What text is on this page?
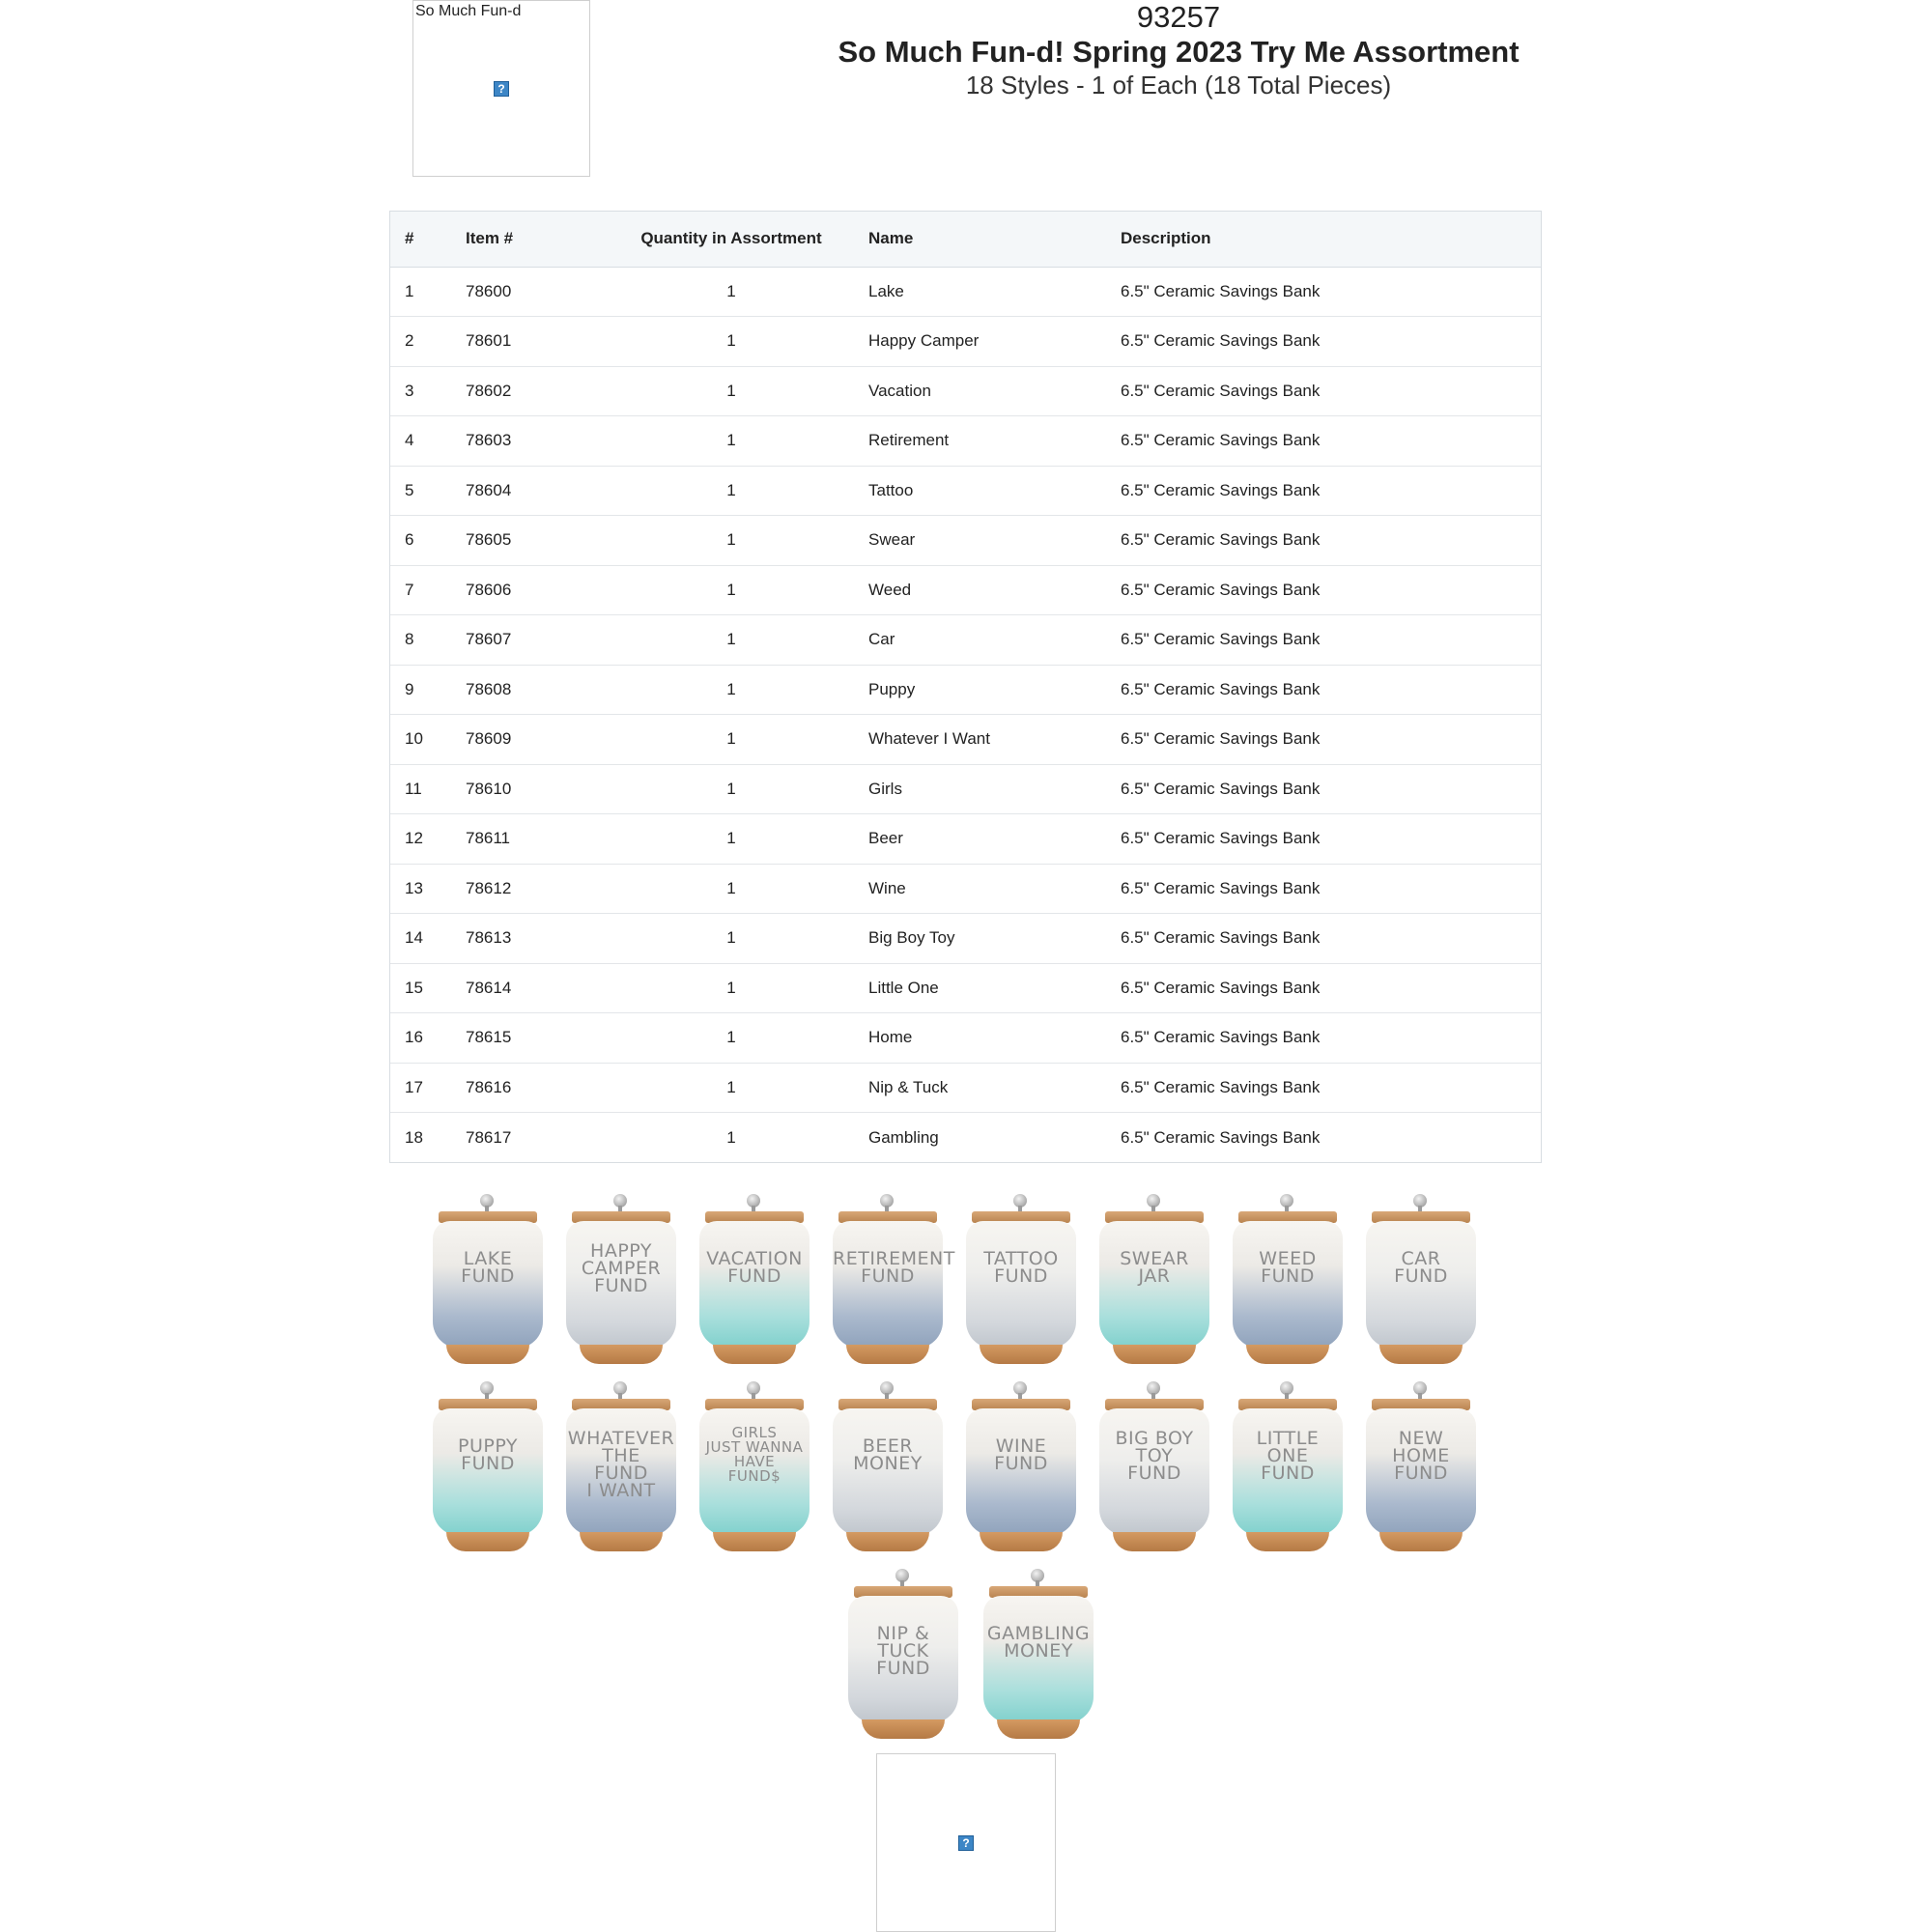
So Much Fun-d
?
93257
So Much Fun-d! Spring 2023 Try Me Assortment
18 Styles - 1 of Each (18 Total Pieces)
#	Item #	Quantity in Assortment	Name	Description
1	78600	1	Lake	6.5" Ceramic Savings Bank
2	78601	1	Happy Camper	6.5" Ceramic Savings Bank
3	78602	1	Vacation	6.5" Ceramic Savings Bank
4	78603	1	Retirement	6.5" Ceramic Savings Bank
5	78604	1	Tattoo	6.5" Ceramic Savings Bank
6	78605	1	Swear	6.5" Ceramic Savings Bank
7	78606	1	Weed	6.5" Ceramic Savings Bank
8	78607	1	Car	6.5" Ceramic Savings Bank
9	78608	1	Puppy	6.5" Ceramic Savings Bank
10	78609	1	Whatever I Want	6.5" Ceramic Savings Bank
11	78610	1	Girls	6.5" Ceramic Savings Bank
12	78611	1	Beer	6.5" Ceramic Savings Bank
13	78612	1	Wine	6.5" Ceramic Savings Bank
14	78613	1	Big Boy Toy	6.5" Ceramic Savings Bank
15	78614	1	Little One	6.5" Ceramic Savings Bank
16	78615	1	Home	6.5" Ceramic Savings Bank
17	78616	1	Nip & Tuck	6.5" Ceramic Savings Bank
18	78617	1	Gambling	6.5" Ceramic Savings Bank
LAKE
FUND
HAPPY
CAMPER
FUND
VACATION
FUND
RETIREMENT
FUND
TATTOO
FUND
SWEAR
JAR
WEED
FUND
CAR
FUND
PUPPY
FUND
WHATEVER THE
FUND
I WANT
GIRLS
JUST WANNA
HAVE
FUND$
BEER
MONEY
WINE
FUND
BIG BOY
TOY
FUND
LITTLE
ONE
FUND
NEW
HOME
FUND
NIP & TUCK
FUND
GAMBLING
MONEY
?
